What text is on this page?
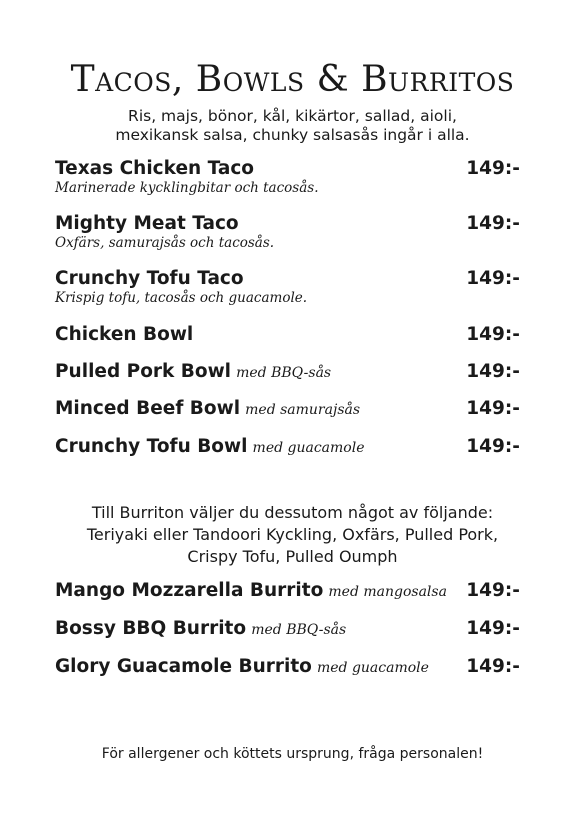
Tacos, Bowls & Burritos
Ris, majs, bönor, kål, kikärtor, sallad, aioli,
mexikansk salsa, chunky salsasås ingår i alla.
Texas Chicken Taco	149:-
Marinerade kycklingbitar och tacosås.
Mighty Meat Taco	149:-
Oxfärs, samurajsås och tacosås.
Crunchy Tofu Taco	149:-
Krispig tofu, tacosås och guacamole.
Chicken Bowl	149:-
Pulled Pork Bowl med BBQ-sås	149:-
Minced Beef Bowl med samurajsås	149:-
Crunchy Tofu Bowl med guacamole	149:-
Till Burriton väljer du dessutom något av följande:
Teriyaki eller Tandoori Kyckling, Oxfärs, Pulled Pork,
Crispy Tofu, Pulled Oumph
Mango Mozzarella Burrito med mangosalsa 149:-
Bossy BBQ Burrito med BBQ-sås	149:-
Glory Guacamole Burrito med guacamole 149:-
För allergener och köttets ursprung, fråga personalen!
